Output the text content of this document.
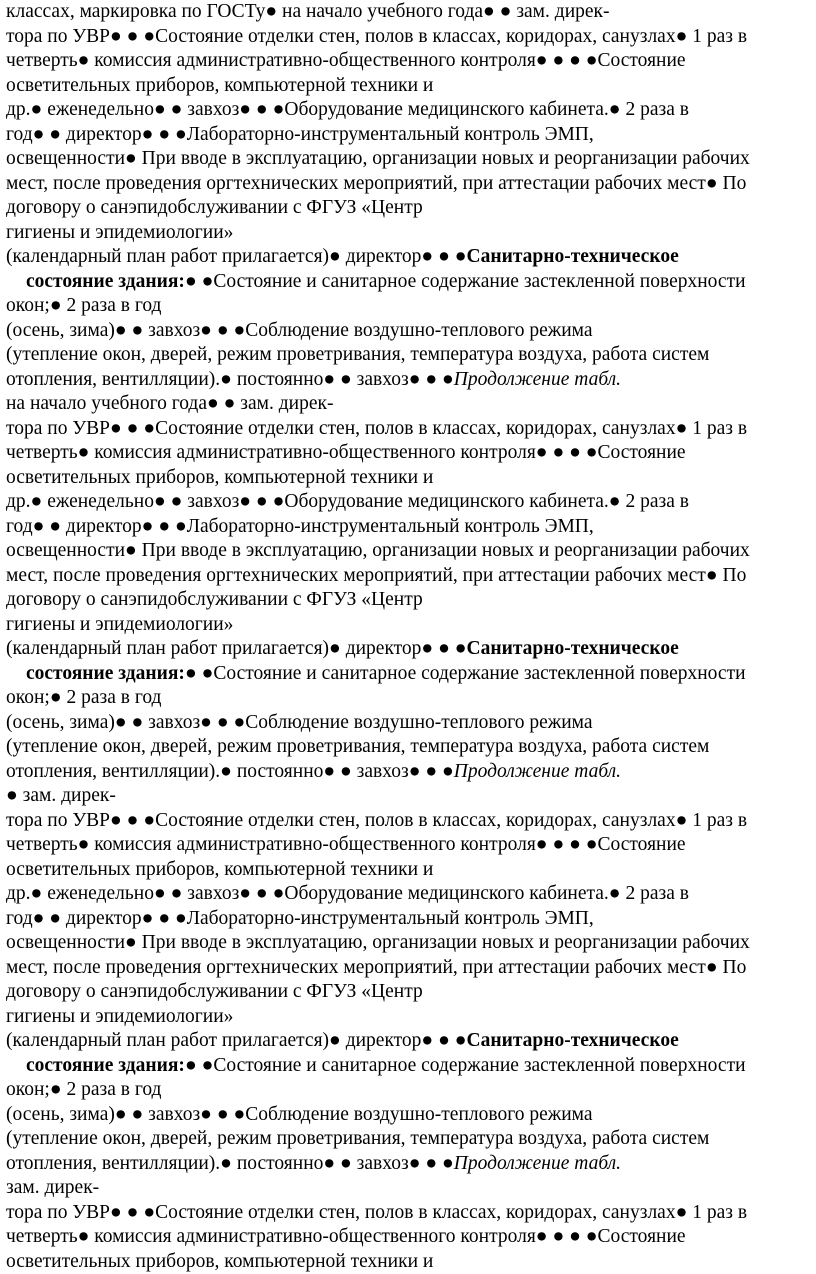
классах, маркировка по ГОСТу● на начало учебного года● ● зам. дирек-
тора по УВР● ● ●Состояние отделки стен, полов в классах, коридорах, санузлах● 1 раз в
четверть● комиссия административно-общественного контроля● ● ● ●Состояние
осветительных приборов, компьютерной техники и
др.● еженедельно● ● завхоз● ● ●Оборудование медицинского кабинета.● 2 раза в
год● ● директор● ● ●Лабораторно-инструментальный контроль ЭМП,
освещенности● При вводе в эксплуатацию, организации новых и реорганизации рабочих
мест, после проведения оргтехнических мероприятий, при аттестации рабочих мест● По
договору о санэпидобслуживании с ФГУЗ «Центр
гигиены и эпидемиологии»
(календарный план работ прилагается)● директор● ● ●Санитарно-техническое
состояние здания:● ●Состояние и санитарное содержание застекленной поверхности
окон;● 2 раза в год
(осень, зима)● ● завхоз● ● ●Соблюдение воздушно-теплового режима
(утепление окон, дверей, режим проветривания, температура воздуха, работа систем
отопления, вентилляции).● постоянно● ● завхоз● ● ●Продолжение табл.
на начало учебного года● ● зам. дирек-
тора по УВР● ● ●Состояние отделки стен, полов в классах, коридорах, санузлах● 1 раз в
четверть● комиссия административно-общественного контроля● ● ● ●Состояние
осветительных приборов, компьютерной техники и
др.● еженедельно● ● завхоз● ● ●Оборудование медицинского кабинета.● 2 раза в
год● ● директор● ● ●Лабораторно-инструментальный контроль ЭМП,
освещенности● При вводе в эксплуатацию, организации новых и реорганизации рабочих
мест, после проведения оргтехнических мероприятий, при аттестации рабочих мест● По
договору о санэпидобслуживании с ФГУЗ «Центр
гигиены и эпидемиологии»
(календарный план работ прилагается)● директор● ● ●Санитарно-техническое
состояние здания:● ●Состояние и санитарное содержание застекленной поверхности
окон;● 2 раза в год
(осень, зима)● ● завхоз● ● ●Соблюдение воздушно-теплового режима
(утепление окон, дверей, режим проветривания, температура воздуха, работа систем
отопления, вентилляции).● постоянно● ● завхоз● ● ●Продолжение табл.
● зам. дирек-
тора по УВР● ● ●Состояние отделки стен, полов в классах, коридорах, санузлах● 1 раз в
четверть● комиссия административно-общественного контроля● ● ● ●Состояние
осветительных приборов, компьютерной техники и
др.● еженедельно● ● завхоз● ● ●Оборудование медицинского кабинета.● 2 раза в
год● ● директор● ● ●Лабораторно-инструментальный контроль ЭМП,
освещенности● При вводе в эксплуатацию, организации новых и реорганизации рабочих
мест, после проведения оргтехнических мероприятий, при аттестации рабочих мест● По
договору о санэпидобслуживании с ФГУЗ «Центр
гигиены и эпидемиологии»
(календарный план работ прилагается)● директор● ● ●Санитарно-техническое
состояние здания:● ●Состояние и санитарное содержание застекленной поверхности
окон;● 2 раза в год
(осень, зима)● ● завхоз● ● ●Соблюдение воздушно-теплового режима
(утепление окон, дверей, режим проветривания, температура воздуха, работа систем
отопления, вентилляции).● постоянно● ● завхоз● ● ●Продолжение табл.
зам. дирек-
тора по УВР● ● ●Состояние отделки стен, полов в классах, коридорах, санузлах● 1 раз в
четверть● комиссия административно-общественного контроля● ● ● ●Состояние
осветительных приборов, компьютерной техники и
